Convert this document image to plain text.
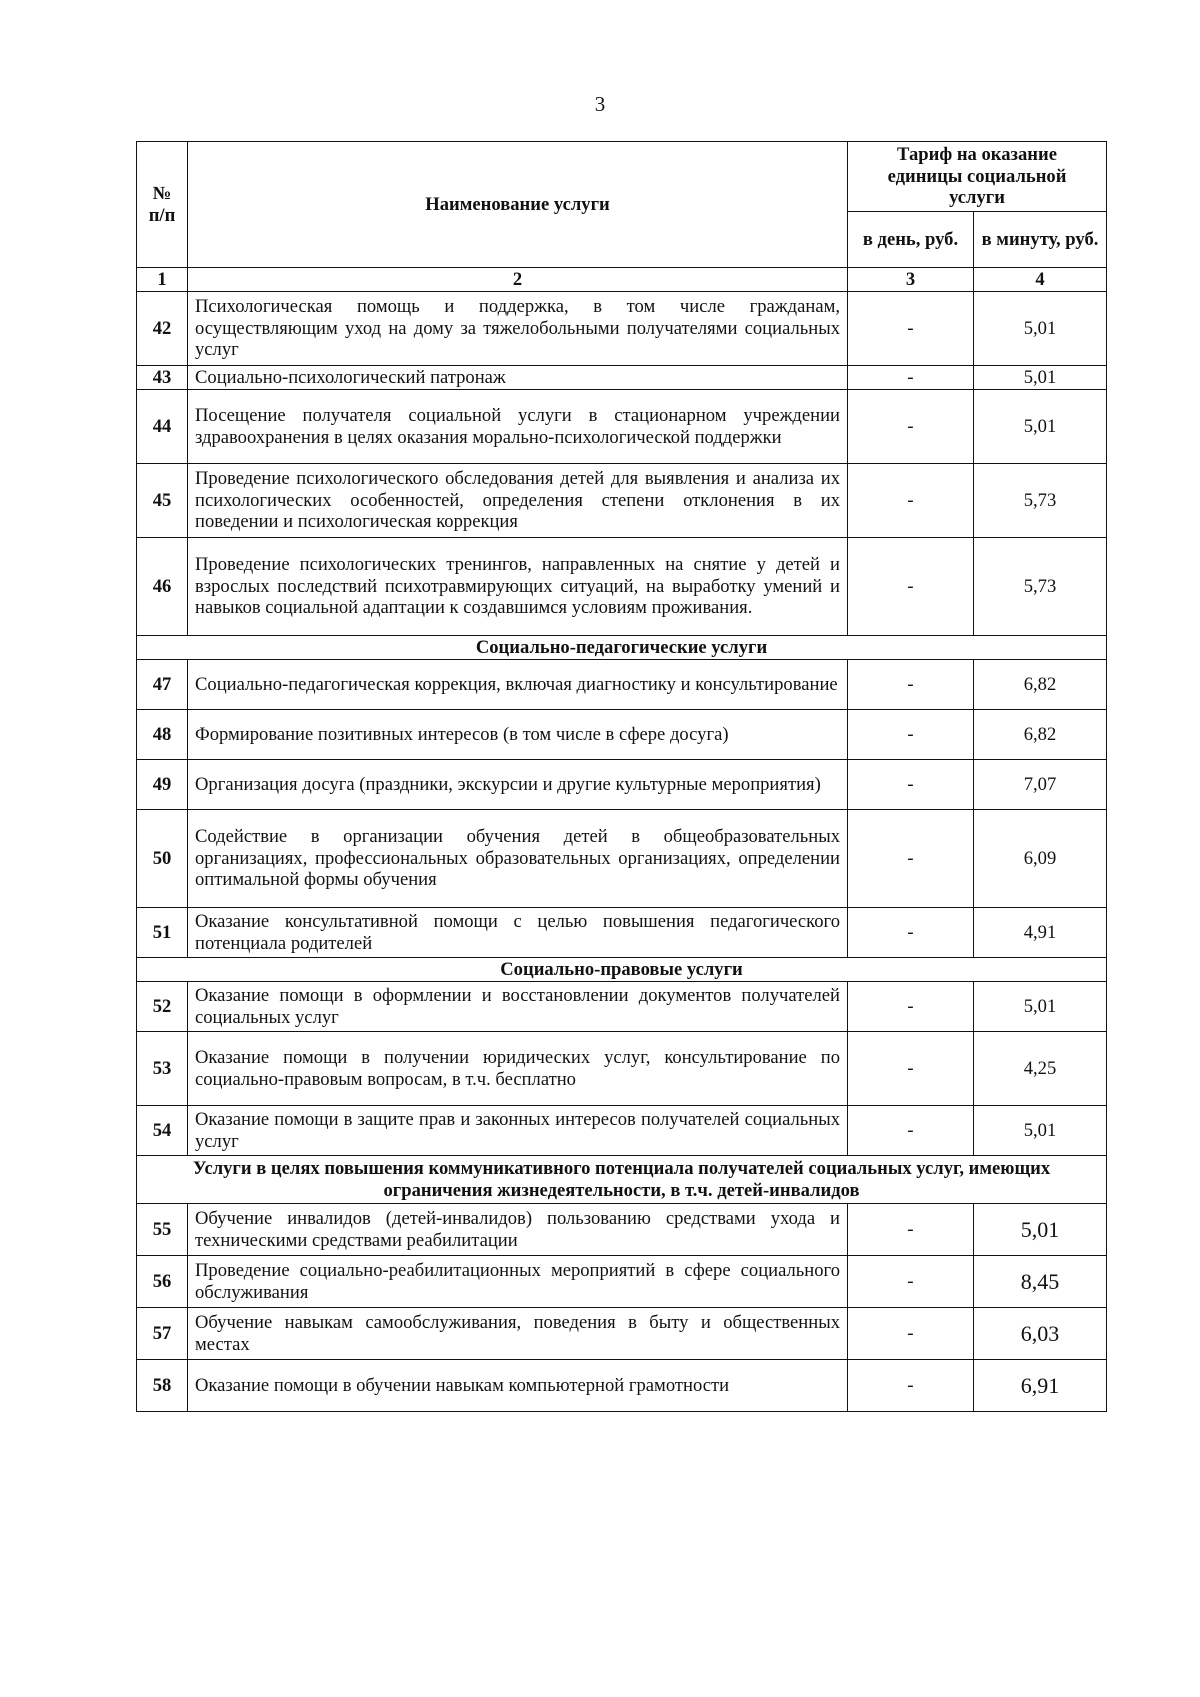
3
№
п/п	Наименование услуги	Тариф на оказание единицы социальной услуги	
		в день, руб.	в минуту, руб.
1	2	3	4
42	Психологическая помощь и поддержка, в том числе гражданам, осуществляющим уход на дому за тяжелобольными получателями социальных услуг	-	5,01
43	Социально-психологический патронаж	-	5,01
44	Посещение получателя социальной услуги в стационарном учреждении здравоохранения в целях оказания морально-психологической поддержки	-	5,01
45	Проведение психологического обследования детей для выявления и анализа их психологических особенностей, определения степени отклонения в их поведении и психологическая коррекция	-	5,73
46	Проведение психологических тренингов, направленных на снятие у детей и взрослых последствий психотравмирующих ситуаций, на выработку умений и навыков социальной адаптации к создавшимся условиям проживания.	-	5,73
Социально-педагогические услуги			
47	Социально-педагогическая коррекция, включая диагностику и консультирование	-	6,82
48	Формирование позитивных интересов (в том числе в сфере досуга)	-	6,82
49	Организация досуга (праздники, экскурсии и другие культурные мероприятия)	-	7,07
50	Содействие в организации обучения детей в общеобразовательных организациях, профессиональных образовательных организациях, определении оптимальной формы обучения	-	6,09
51	Оказание консультативной помощи с целью повышения педагогического потенциала родителей	-	4,91
Социально-правовые услуги			
52	Оказание помощи в оформлении и восстановлении документов получателей социальных услуг	-	5,01
53	Оказание помощи в получении юридических услуг, консультирование по социально-правовым вопросам, в т.ч. бесплатно	-	4,25
54	Оказание помощи в защите прав и законных интересов получателей социальных услуг	-	5,01
Услуги в целях повышения коммуникативного потенциала получателей социальных услуг, имеющих ограничения жизнедеятельности, в т.ч. детей-инвалидов			
55	Обучение инвалидов (детей-инвалидов) пользованию средствами ухода и техническими средствами реабилитации	-	5,01
56	Проведение социально-реабилитационных мероприятий в сфере социального обслуживания	-	8,45
57	Обучение навыкам самообслуживания, поведения в быту и общественных местах	-	6,03
58	Оказание помощи в обучении навыкам компьютерной грамотности	-	6,91
